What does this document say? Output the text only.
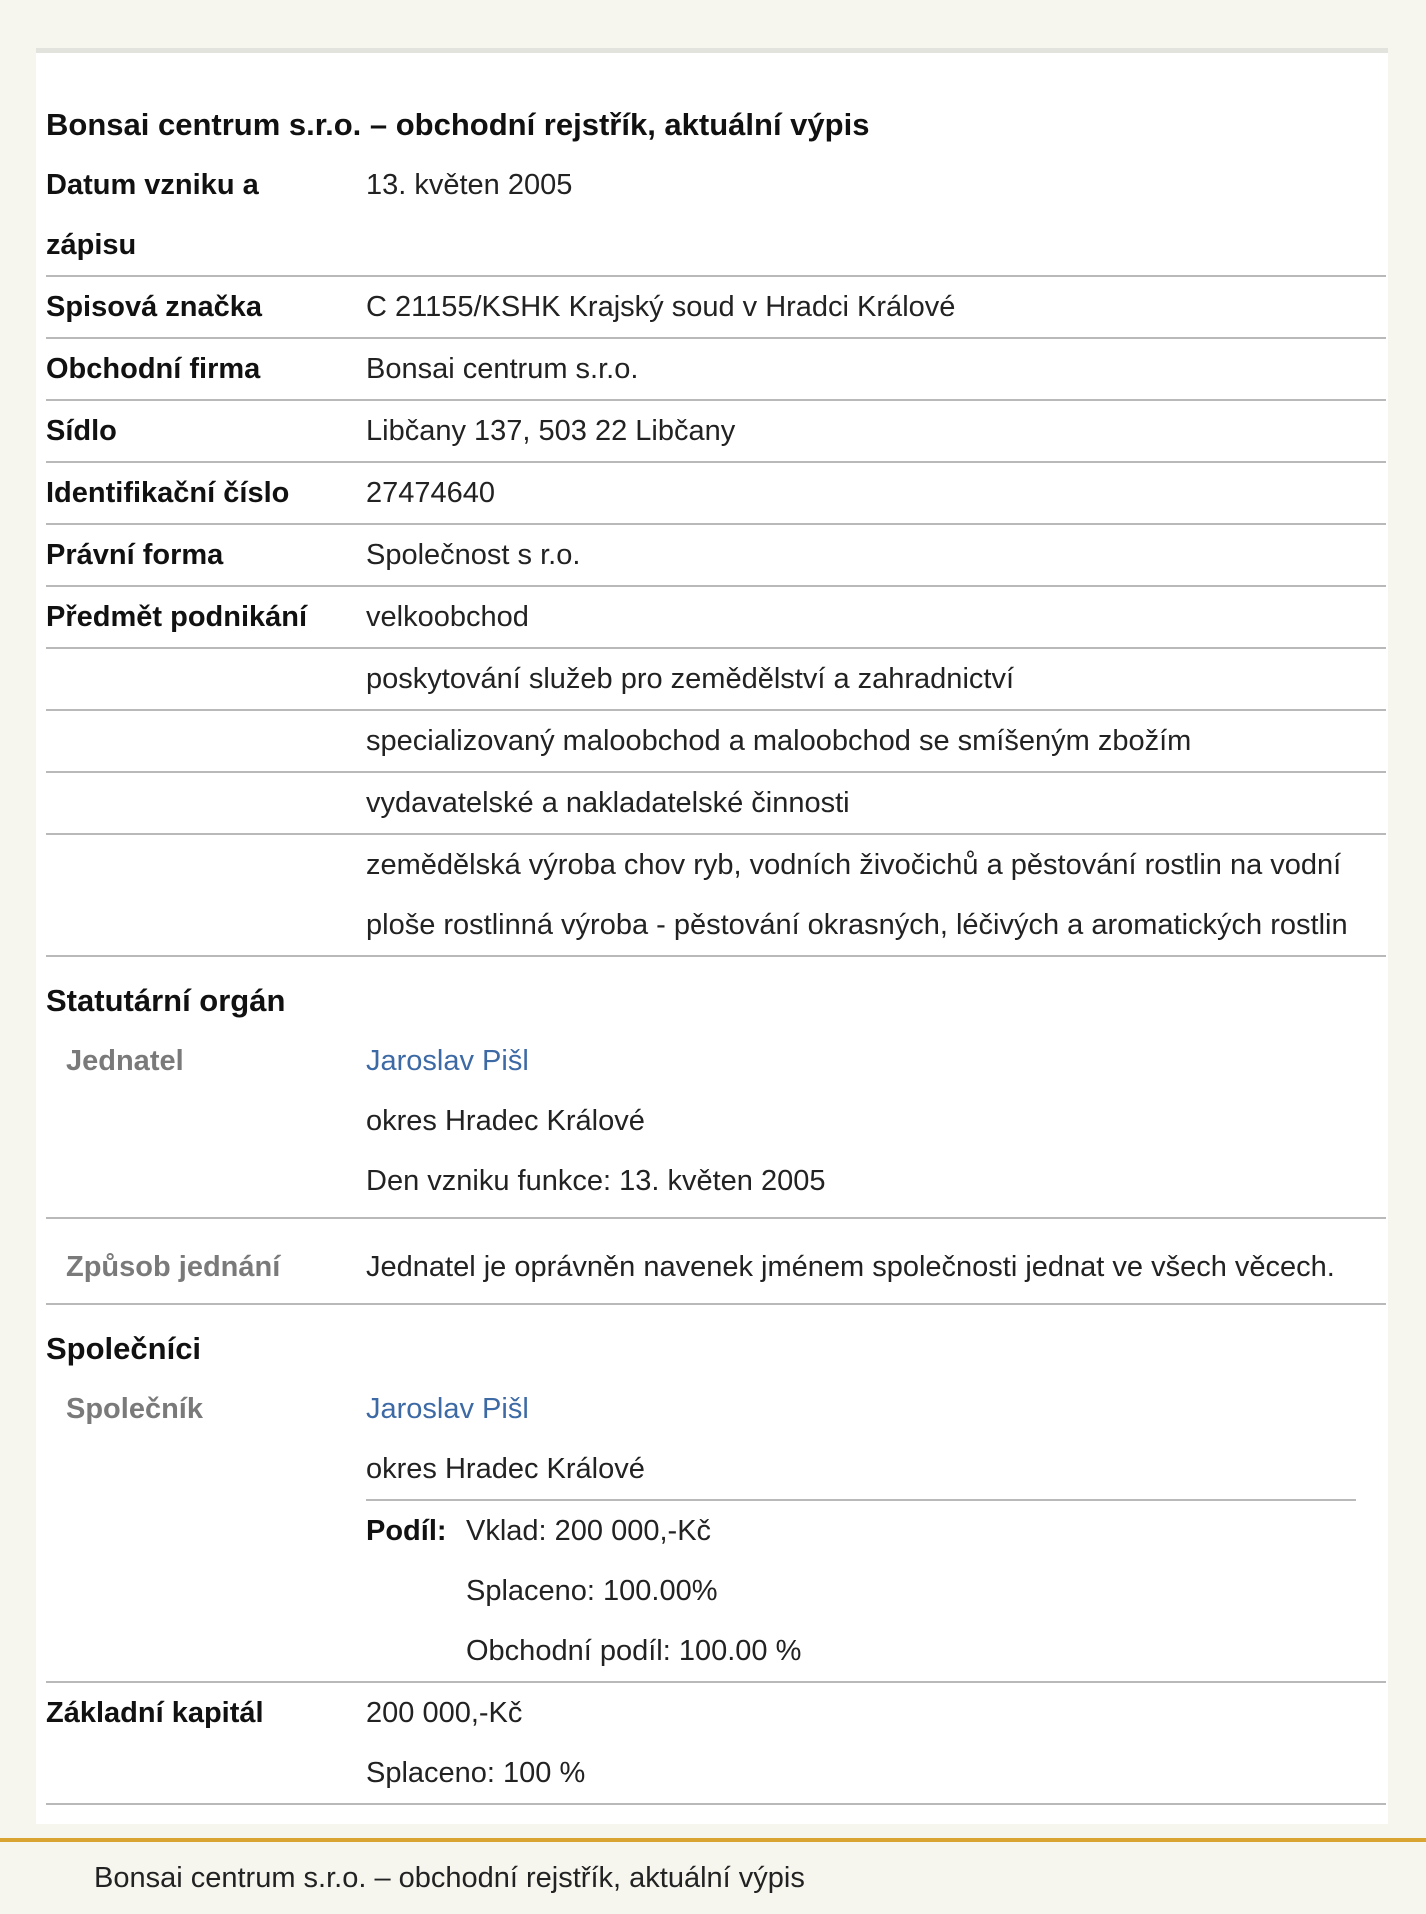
Bonsai centrum s.r.o. – obchodní rejstřík, aktuální výpis
Datum vzniku a
zápisu
13. květen 2005
Spisová značka	C 21155/KSHK Krajský soud v Hradci Králové
Obchodní firma	Bonsai centrum s.r.o.
Sídlo	Libčany 137, 503 22 Libčany
Identifikační číslo	27474640
Právní forma	Společnost s r.o.
Předmět podnikání	velkoobchod
poskytování služeb pro zemědělství a zahradnictví
specializovaný maloobchod a maloobchod se smíšeným zbožím
vydavatelské a nakladatelské činnosti
zemědělská výroba chov ryb, vodních živočichů a pěstování rostlin na vodní
ploše rostlinná výroba - pěstování okrasných, léčivých a aromatických rostlin
Statutární orgán
Jednatel	Jaroslav Pišl
okres Hradec Králové
Den vzniku funkce: 13. květen 2005
Způsob jednání	Jednatel je oprávněn navenek jménem společnosti jednat ve všech věcech.
Společníci
Společník	Jaroslav Pišl
okres Hradec Králové
Podíl: Vklad: 200 000,-Kč
Splaceno: 100.00%
Obchodní podíl: 100.00 %
Základní kapitál	200 000,-Kč
Splaceno: 100 %
Bonsai centrum s.r.o. – obchodní rejstřík, aktuální výpis
